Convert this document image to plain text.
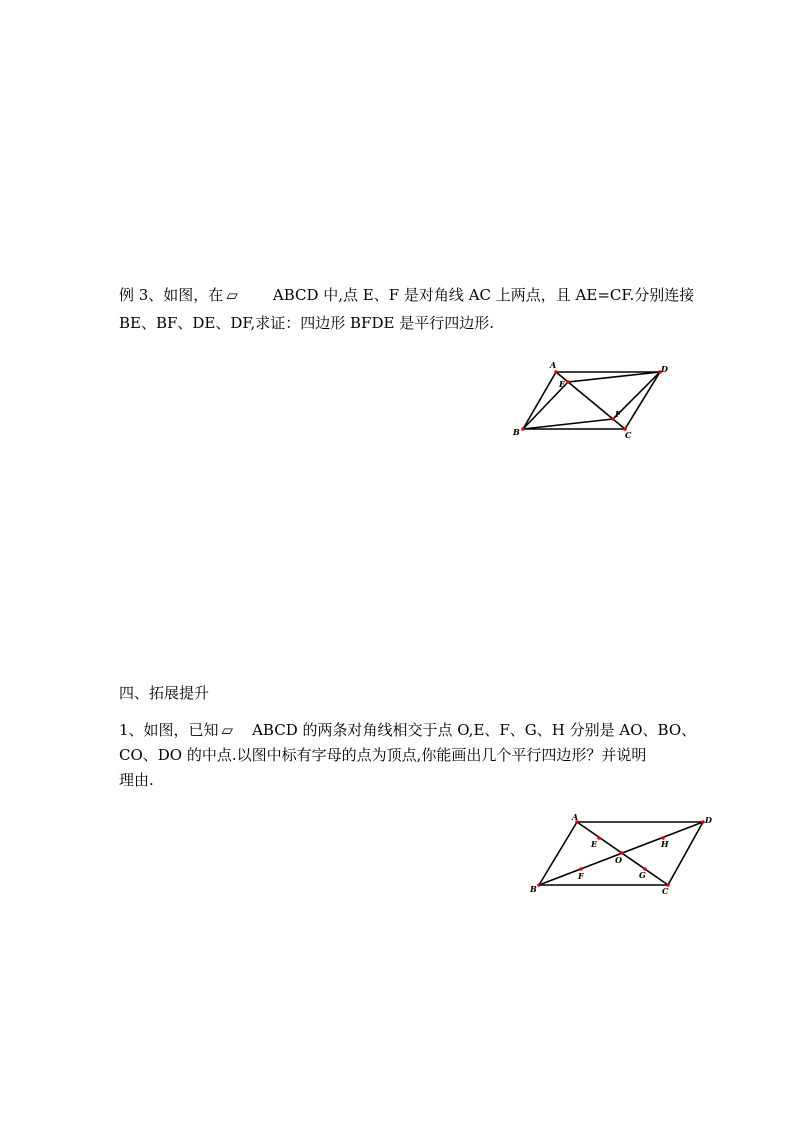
例 3、如图，在 ▱ ABCD 中,点 E、F 是对角线 AC 上两点，且 AE=CF.分别连接

BE、BF、DE、DF,求证：四边形 BFDE 是平行四边形.

A
B	C
D
E
F

四、拓展提升

1、如图，已知 ▱ ABCD 的两条对角线相交于点 O,E、F、G、H 分别是 AO、BO、

CO、DO 的中点.以图中标有字母的点为顶点,你能画出几个平行四边形？并说明

理由.

A
B	C
D
E
F	G
H
O
